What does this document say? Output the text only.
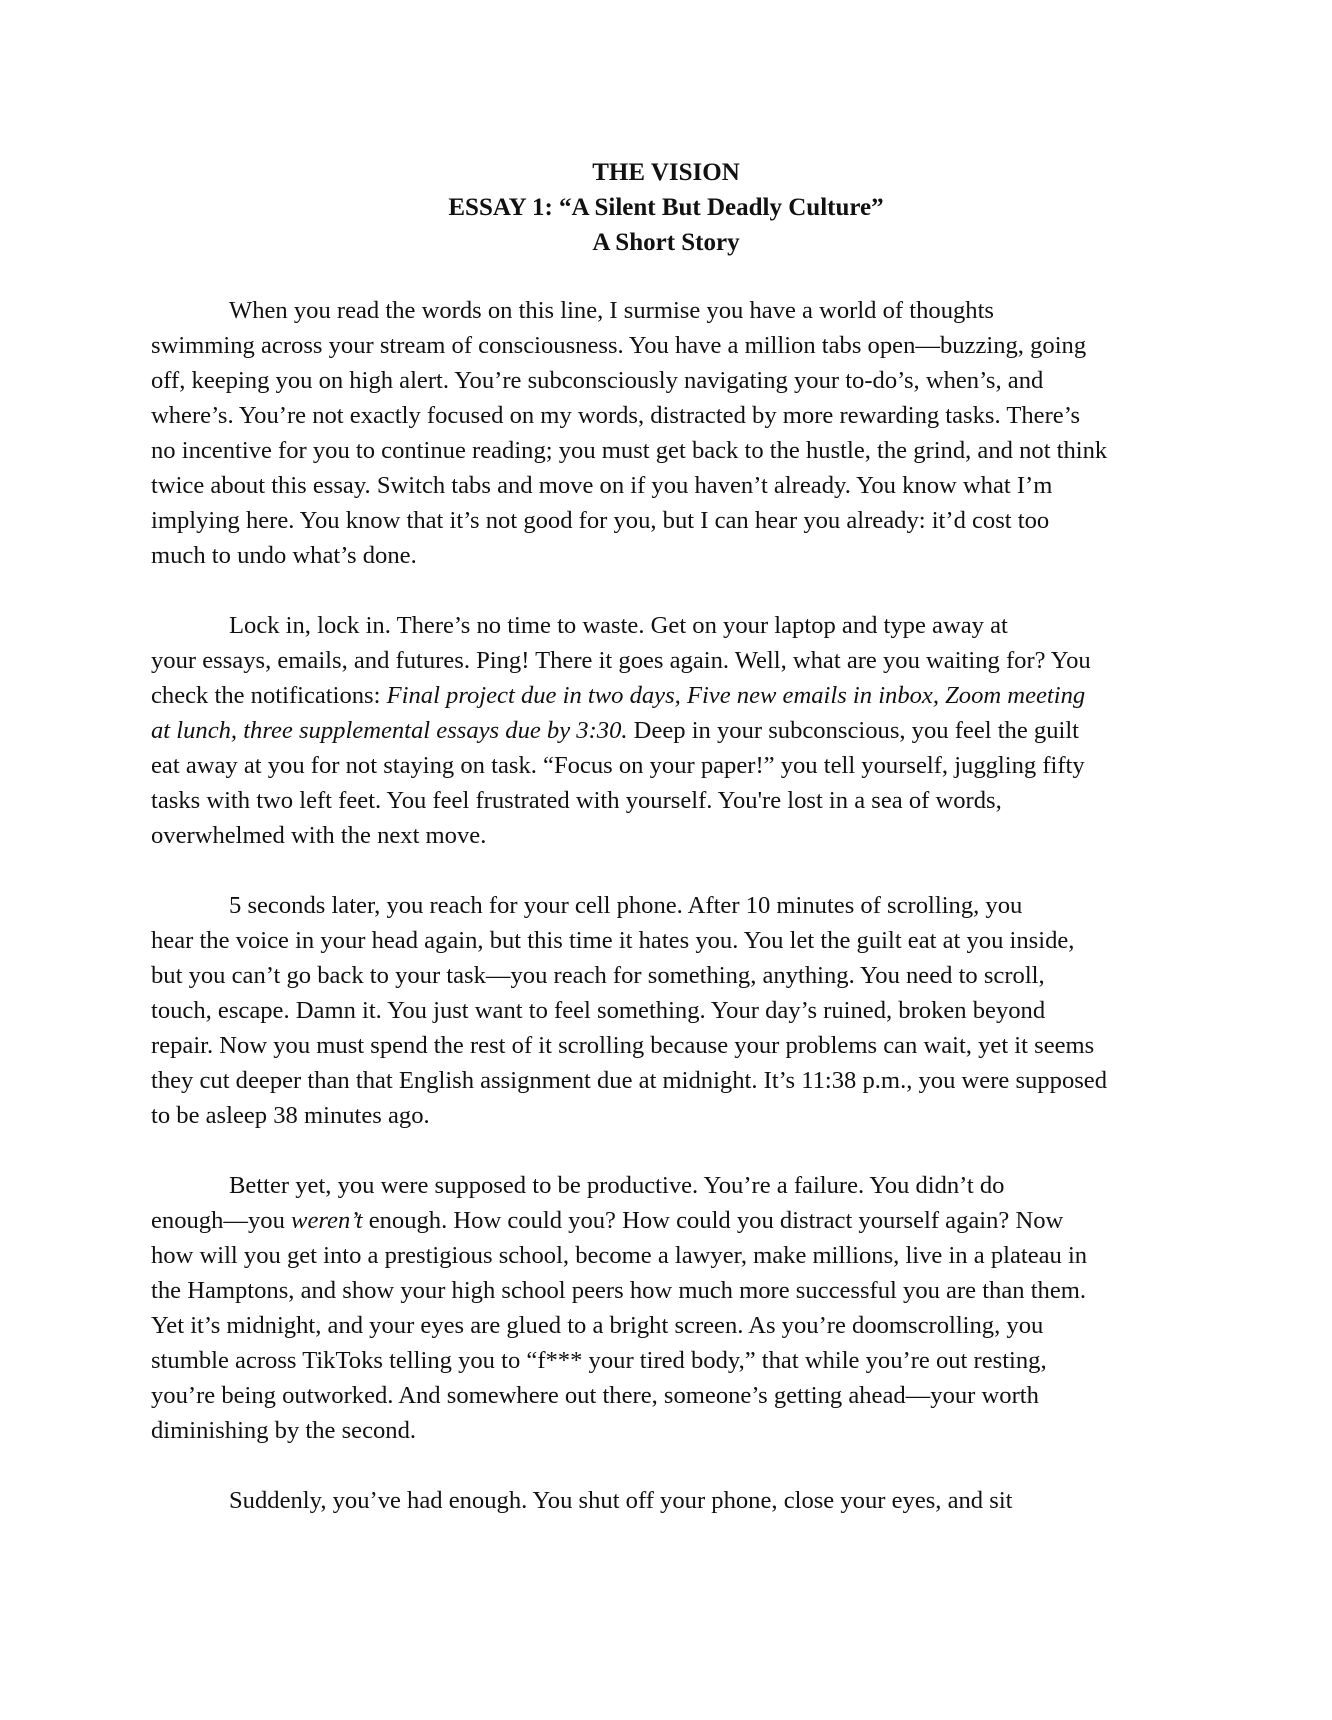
THE VISION
ESSAY 1: “A Silent But Deadly Culture”
A Short Story
When you read the words on this line, I surmise you have a world of thoughts
swimming across your stream of consciousness. You have a million tabs open—buzzing, going
off, keeping you on high alert. You’re subconsciously navigating your to-do’s, when’s, and
where’s. You’re not exactly focused on my words, distracted by more rewarding tasks. There’s
no incentive for you to continue reading; you must get back to the hustle, the grind, and not think
twice about this essay. Switch tabs and move on if you haven’t already. You know what I’m
implying here. You know that it’s not good for you, but I can hear you already: it’d cost too
much to undo what’s done.
Lock in, lock in. There’s no time to waste. Get on your laptop and type away at
your essays, emails, and futures. Ping! There it goes again. Well, what are you waiting for? You
check the notifications: Final project due in two days, Five new emails in inbox, Zoom meeting
at lunch, three supplemental essays due by 3:30. Deep in your subconscious, you feel the guilt
eat away at you for not staying on task. “Focus on your paper!” you tell yourself, juggling fifty
tasks with two left feet. You feel frustrated with yourself. You're lost in a sea of words,
overwhelmed with the next move.
5 seconds later, you reach for your cell phone. After 10 minutes of scrolling, you
hear the voice in your head again, but this time it hates you. You let the guilt eat at you inside,
but you can’t go back to your task—you reach for something, anything. You need to scroll,
touch, escape. Damn it. You just want to feel something. Your day’s ruined, broken beyond
repair. Now you must spend the rest of it scrolling because your problems can wait, yet it seems
they cut deeper than that English assignment due at midnight. It’s 11:38 p.m., you were supposed
to be asleep 38 minutes ago.
Better yet, you were supposed to be productive. You’re a failure. You didn’t do
enough—you weren’t enough. How could you? How could you distract yourself again? Now
how will you get into a prestigious school, become a lawyer, make millions, live in a plateau in
the Hamptons, and show your high school peers how much more successful you are than them.
Yet it’s midnight, and your eyes are glued to a bright screen. As you’re doomscrolling, you
stumble across TikToks telling you to “f*** your tired body,” that while you’re out resting,
you’re being outworked. And somewhere out there, someone’s getting ahead—your worth
diminishing by the second.
Suddenly, you’ve had enough. You shut off your phone, close your eyes, and sit
